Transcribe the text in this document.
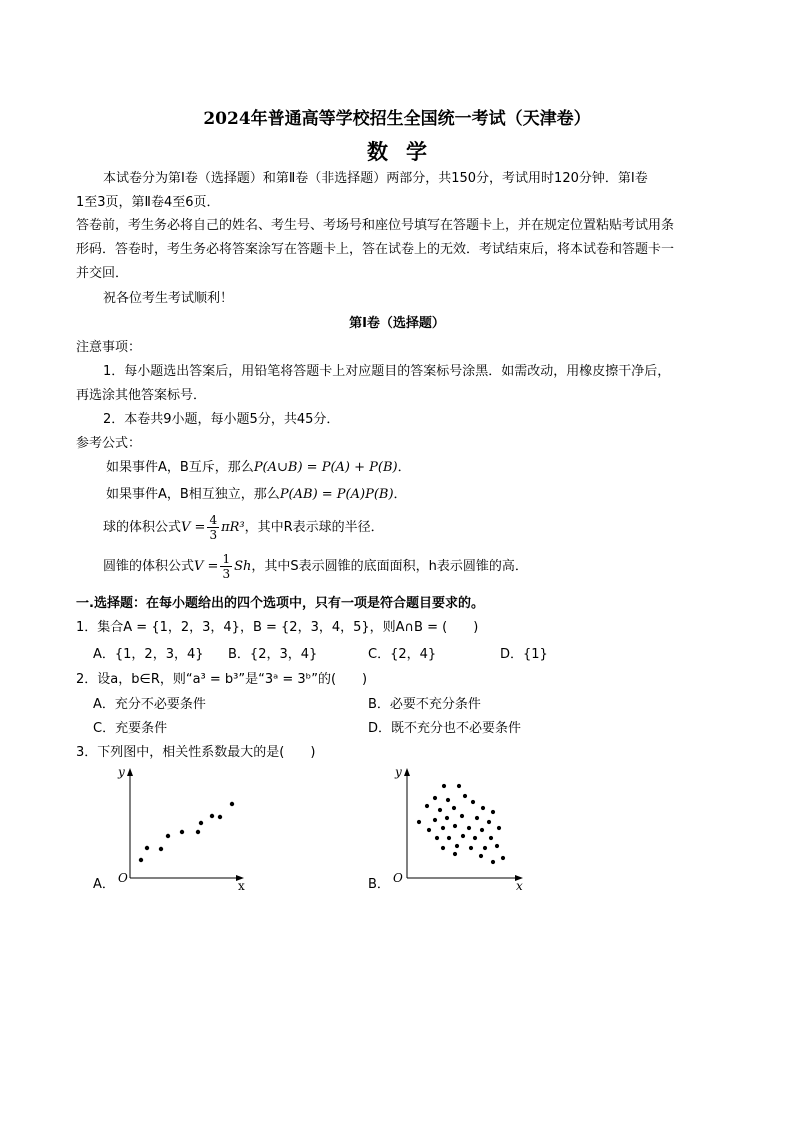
2024年普通高等学校招生全国统一考试（天津卷）
数学
本试卷分为第Ⅰ卷（选择题）和第Ⅱ卷（非选择题）两部分，共150分，考试用时120分钟．第Ⅰ卷
1至3页，第Ⅱ卷4至6页．
答卷前，考生务必将自己的姓名、考生号、考场号和座位号填写在答题卡上，并在规定位置粘贴考试用条
形码．答卷时，考生务必将答案涂写在答题卡上，答在试卷上的无效．考试结束后，将本试卷和答题卡一
并交回．
祝各位考生考试顺利！
第Ⅰ卷（选择题）
注意事项：
1．每小题选出答案后，用铅笔将答题卡上对应题目的答案标号涂黑．如需改动，用橡皮擦干净后，
再选涂其他答案标号．
2．本卷共9小题，每小题5分，共45分．
参考公式：
如果事件A，B互斥，那么P(A∪B) = P(A) + P(B)．
如果事件A，B相互独立，那么P(AB) = P(A)P(B)．
球的体积公式$V = \frac{4}{3} \pi R^3$，其中R表示球的半径．
圆锥的体积公式$V = \frac{1}{3}$ Sh，其中S表示圆锥的底面面积，h表示圆锥的高．
一.选择题：在每小题给出的四个选项中，只有一项是符合题目要求的。
1．集合A = {1，2，3，4}，B = {2，3，4，5}，则A∩B = (　　)
A．{1，2，3，4} B．{2，3，4}	C．{2，4}	D．{1}
2．设a，b∈R，则“a³ = b³”是“3ᵃ = 3ᵇ”的(　　)
A．充分不必要条件	B．必要不充分条件
C．充要条件	D．既不充分也不必要条件
3．下列图中，相关性系数最大的是(　　)
A．	B．
y
x
O
y
x
O
